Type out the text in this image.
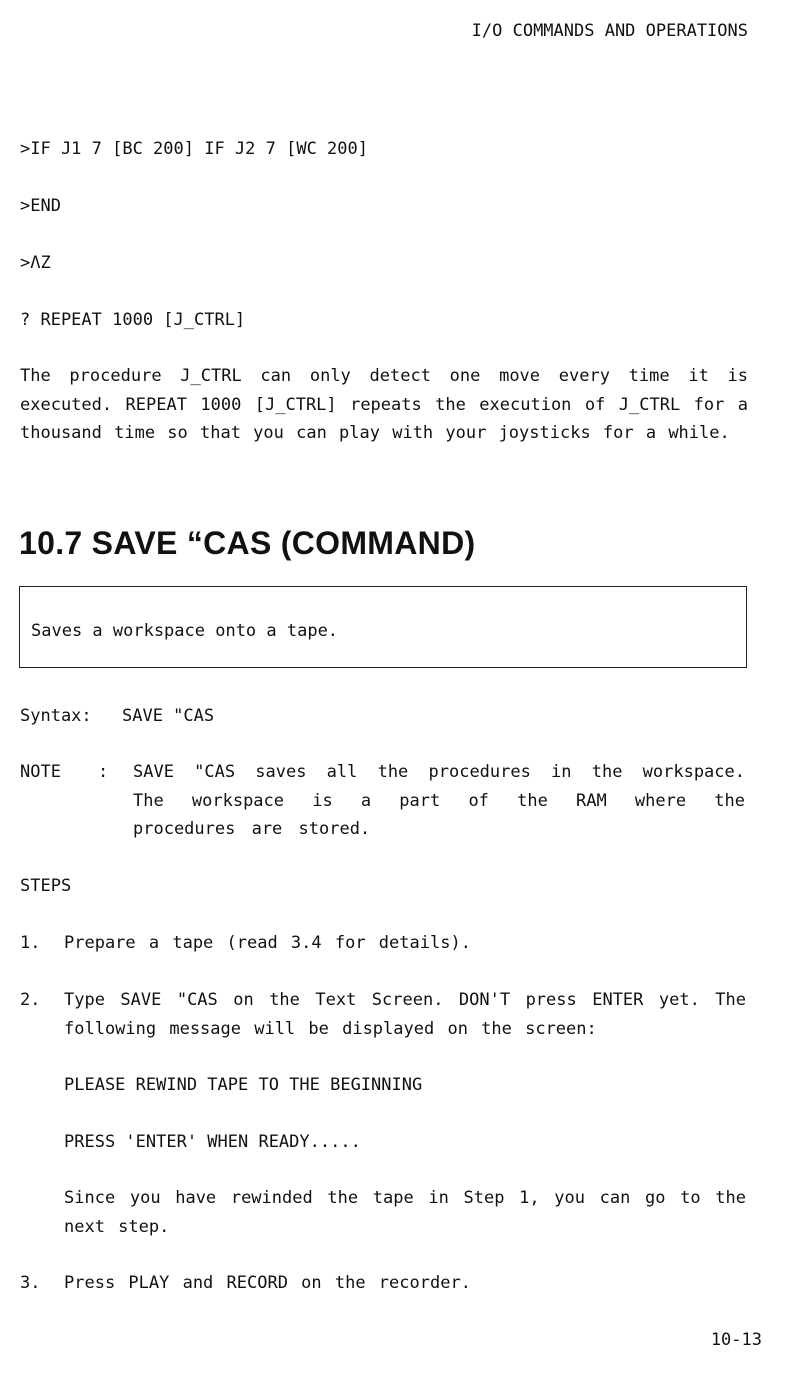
I/O COMMANDS AND OPERATIONS
>IF J1 7 [BC 200] IF J2 7 [WC 200]
>END
>ΛZ
? REPEAT 1000 [J_CTRL]
The procedure J_CTRL can only detect one move every time it is executed. REPEAT 1000 [J_CTRL] repeats the execution of J_CTRL for a thousand time so that you can play with your joysticks for a while.
10.7 SAVE “CAS (COMMAND)
Saves a workspace onto a tape.
Syntax: SAVE "CAS
NOTE : SAVE "CAS saves all the procedures in the workspace. The workspace is a part of the RAM where the procedures are stored.
STEPS
1. Prepare a tape (read 3.4 for details).
2. Type SAVE "CAS on the Text Screen. DON'T press ENTER yet. The following message will be displayed on the screen:
PLEASE REWIND TAPE TO THE BEGINNING
PRESS 'ENTER' WHEN READY.....
Since you have rewinded the tape in Step 1, you can go to the next step.
3. Press PLAY and RECORD on the recorder.
10-13
